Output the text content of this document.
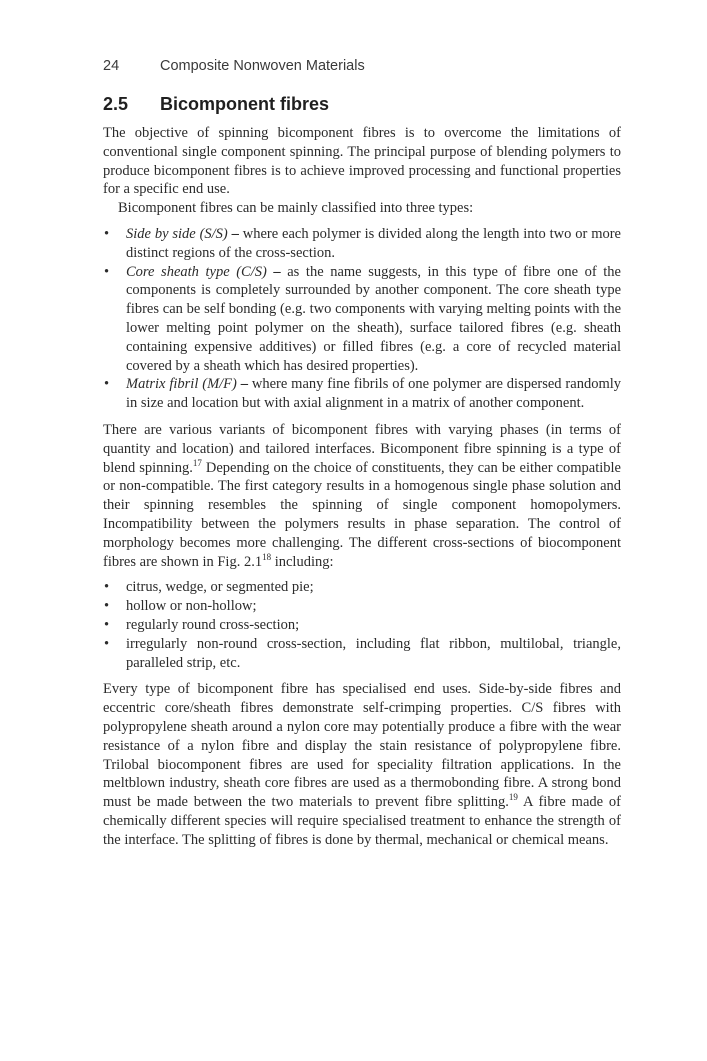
24	Composite Nonwoven Materials
2.5	Bicomponent fibres

The objective of spinning bicomponent fibres is to overcome the limitations of conventional single component spinning. The principal purpose of blending polymers to produce bicomponent fibres is to achieve improved processing and functional properties for a specific end use.

Bicomponent fibres can be mainly classified into three types:

• Side by side (S/S) – where each polymer is divided along the length into two or more distinct regions of the cross-section.
• Core sheath type (C/S) – as the name suggests, in this type of fibre one of the components is completely surrounded by another component. The core sheath type fibres can be self bonding (e.g. two components with varying melting points with the lower melting point polymer on the sheath), surface tailored fibres (e.g. sheath containing expensive additives) or filled fibres (e.g. a core of recycled material covered by a sheath which has desired properties).
• Matrix fibril (M/F) – where many fine fibrils of one polymer are dispersed randomly in size and location but with axial alignment in a matrix of another component.

There are various variants of bicomponent fibres with varying phases (in terms of quantity and location) and tailored interfaces. Bicomponent fibre spinning is a type of blend spinning.$^{17}$ Depending on the choice of constituents, they can be either compatible or non-compatible. The first category results in a homogenous single phase solution and their spinning resembles the spinning of single component homopolymers. Incompatibility between the polymers results in phase separation. The control of morphology becomes more challenging. The different cross-sections of biocomponent fibres are shown in Fig. $2.1^{18}$ including:

• citrus, wedge, or segmented pie;
• hollow or non-hollow;
• regularly round cross-section;
• irregularly non-round cross-section, including flat ribbon, multilobal, triangle, paralleled strip, etc.

Every type of bicomponent fibre has specialised end uses. Side-by-side fibres and eccentric core/sheath fibres demonstrate self-crimping properties. C/S fibres with polypropylene sheath around a nylon core may potentially produce a fibre with the wear resistance of a nylon fibre and display the stain resistance of polypropylene fibre. Trilobal biocomponent fibres are used for speciality filtration applications. In the meltblown industry, sheath core fibres are used as a thermobonding fibre. A strong bond must be made between the two materials to prevent fibre splitting.$^{19}$ A fibre made of chemically different species will require specialised treatment to enhance the strength of the interface. The splitting of fibres is done by thermal, mechanical or chemical means.
